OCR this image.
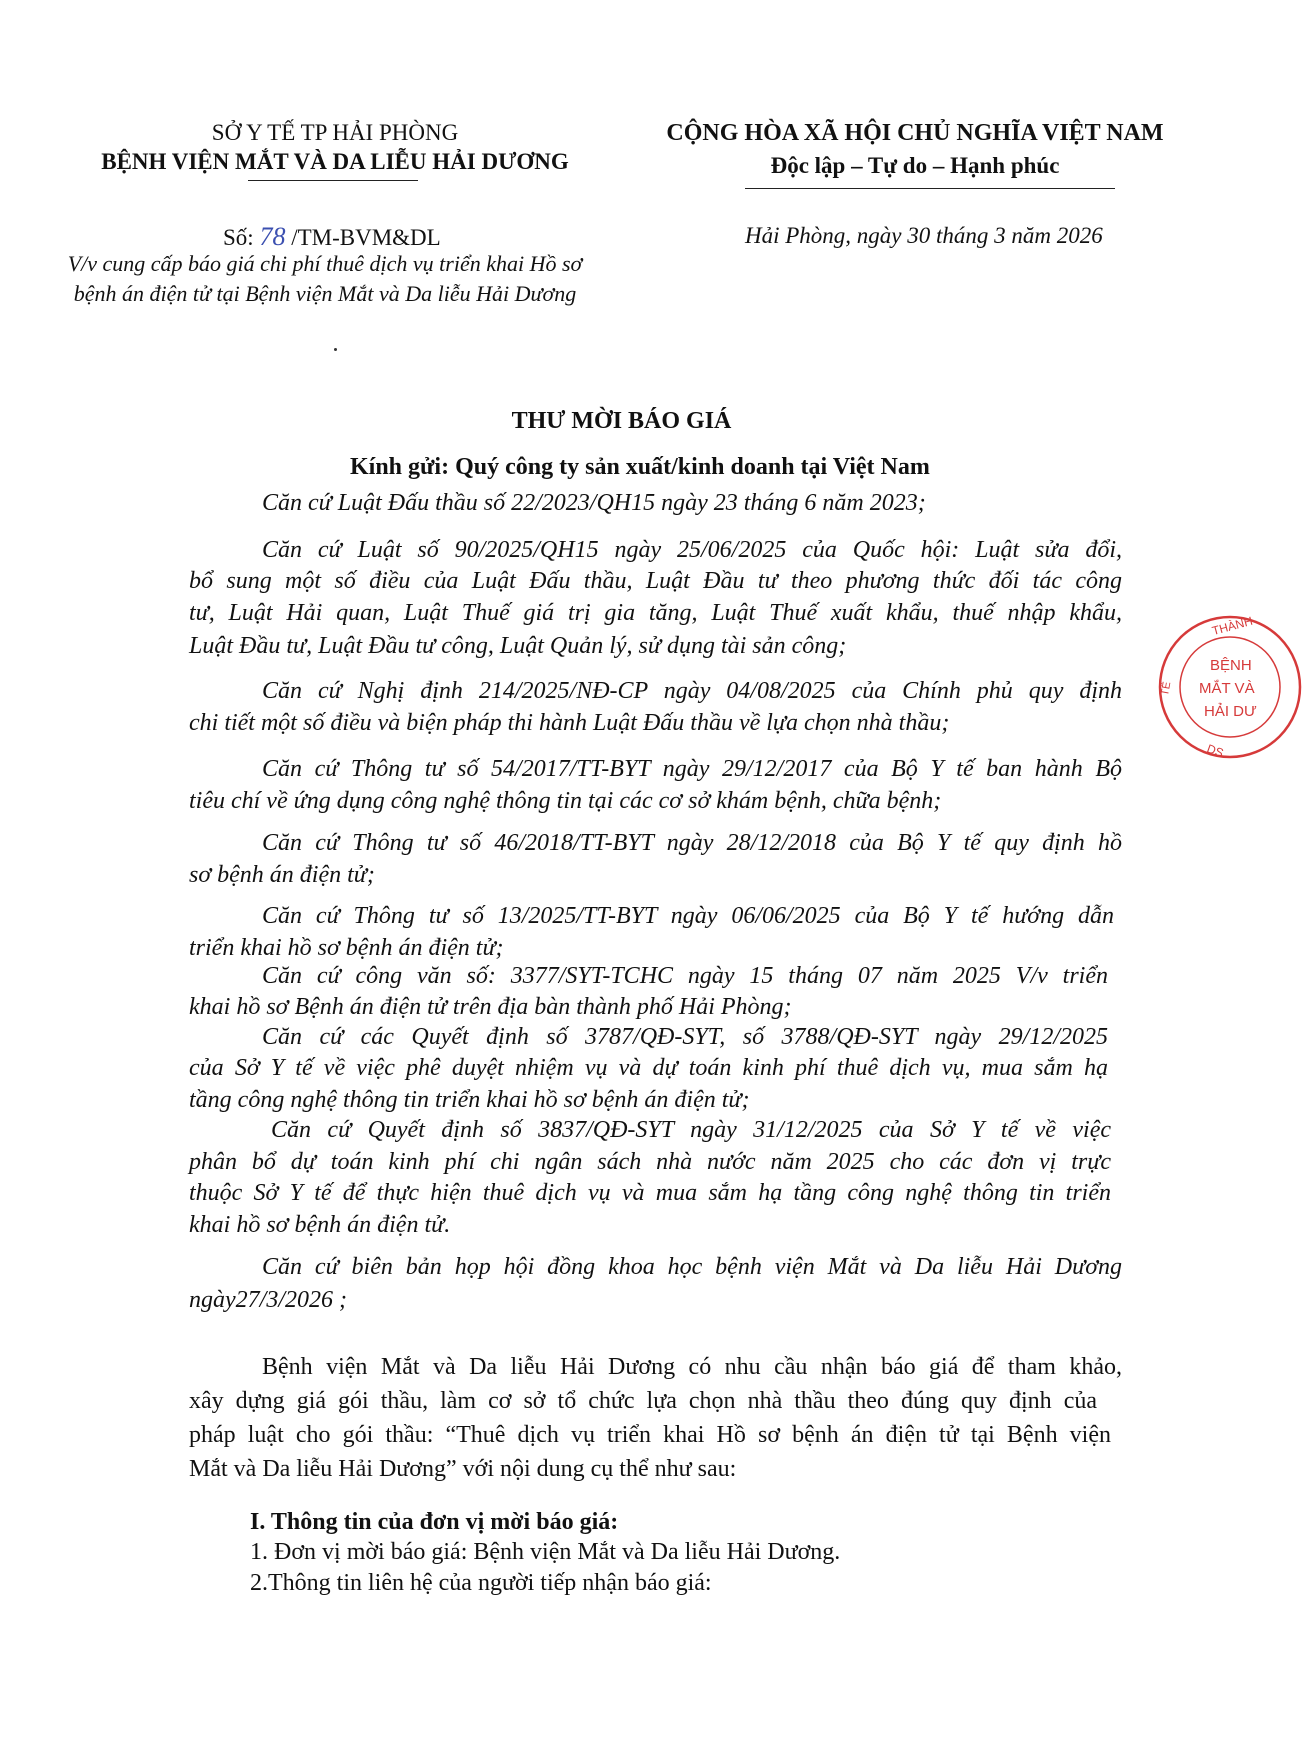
SỞ Y TẾ TP HẢI PHÒNG
BỆNH VIỆN MẮT VÀ DA LIỄU HẢI DƯƠNG
CỘNG HÒA XÃ HỘI CHỦ NGHĨA VIỆT NAM
Độc lập – Tự do – Hạnh phúc
Số: 78 /TM-BVM&DL
V/v cung cấp báo giá chi phí thuê dịch vụ triển khai Hồ sơ
bệnh án điện tử tại Bệnh viện Mắt và Da liễu Hải Dương
Hải Phòng, ngày 30 tháng 3 năm 2026
THƯ MỜI BÁO GIÁ
Kính gửi: Quý công ty sản xuất/kinh doanh tại Việt Nam
Căn cứ Luật Đấu thầu số 22/2023/QH15 ngày 23 tháng 6 năm 2023;
Căn cứ Luật số 90/2025/QH15 ngày 25/06/2025 của Quốc hội: Luật sửa đổi,
bổ sung một số điều của Luật Đấu thầu, Luật Đầu tư theo phương thức đối tác công
tư, Luật Hải quan, Luật Thuế giá trị gia tăng, Luật Thuế xuất khẩu, thuế nhập khẩu,
Luật Đầu tư, Luật Đầu tư công, Luật Quản lý, sử dụng tài sản công;
Căn cứ Nghị định 214/2025/NĐ-CP ngày 04/08/2025 của Chính phủ quy định
chi tiết một số điều và biện pháp thi hành Luật Đấu thầu về lựa chọn nhà thầu;
Căn cứ Thông tư số 54/2017/TT-BYT ngày 29/12/2017 của Bộ Y tế ban hành Bộ
tiêu chí về ứng dụng công nghệ thông tin tại các cơ sở khám bệnh, chữa bệnh;
Căn cứ Thông tư số 46/2018/TT-BYT ngày 28/12/2018 của Bộ Y tế quy định hồ
sơ bệnh án điện tử;
Căn cứ Thông tư số 13/2025/TT-BYT ngày 06/06/2025 của Bộ Y tế hướng dẫn
triển khai hồ sơ bệnh án điện tử;
Căn cứ công văn số: 3377/SYT-TCHC ngày 15 tháng 07 năm 2025 V/v triển
khai hồ sơ Bệnh án điện tử trên địa bàn thành phố Hải Phòng;
Căn cứ các Quyết định số 3787/QĐ-SYT, số 3788/QĐ-SYT ngày 29/12/2025
của Sở Y tế về việc phê duyệt nhiệm vụ và dự toán kinh phí thuê dịch vụ, mua sắm hạ
tầng công nghệ thông tin triển khai hồ sơ bệnh án điện tử;
Căn cứ Quyết định số 3837/QĐ-SYT ngày 31/12/2025 của Sở Y tế về việc
phân bổ dự toán kinh phí chi ngân sách nhà nước năm 2025 cho các đơn vị trực
thuộc Sở Y tế để thực hiện thuê dịch vụ và mua sắm hạ tầng công nghệ thông tin triển
khai hồ sơ bệnh án điện tử.
Căn cứ biên bản họp hội đồng khoa học bệnh viện Mắt và Da liễu Hải Dương
ngày27/3/2026 ;
Bệnh viện Mắt và Da liễu Hải Dương có nhu cầu nhận báo giá để tham khảo,
xây dựng giá gói thầu, làm cơ sở tổ chức lựa chọn nhà thầu theo đúng quy định của
pháp luật cho gói thầu: “Thuê dịch vụ triển khai Hồ sơ bệnh án điện tử tại Bệnh viện
Mắt và Da liễu Hải Dương” với nội dung cụ thể như sau:
I. Thông tin của đơn vị mời báo giá:
1. Đơn vị mời báo giá: Bệnh viện Mắt và Da liễu Hải Dương.
2.Thông tin liên hệ của người tiếp nhận báo giá:
THÀNH
TẾ
DS
BỆNH
MẮT VÀ
HẢI DƯ
